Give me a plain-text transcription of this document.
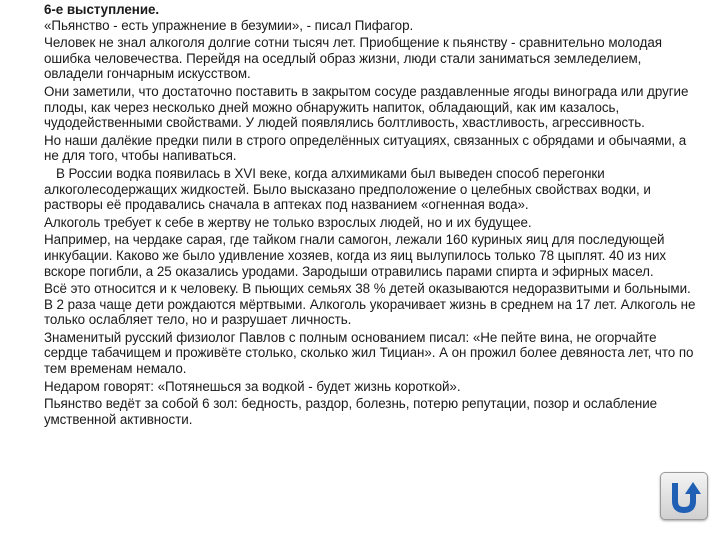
6-е выступление.

«Пьянство - есть упражнение в безумии», - писал Пифагор.

Человек не знал алкоголя долгие сотни тысяч лет. Приобщение к пьянству - сравнительно молодая ошибка человечества. Перейдя на оседлый образ жизни, люди стали заниматься земледелием, овладели гончарным искусством.

Они заметили, что достаточно поставить в закрытом сосуде раздавленные ягоды винограда или другие плоды, как через несколько дней можно обнаружить напиток, обладающий, как им казалось, чудодейственными свойствами. У людей появлялись болтливость, хвастливость, агрессивность.

Но наши далёкие предки пили в строго определённых ситуациях, связанных с обрядами и обычаями, а не для того, чтобы напиваться.

В России водка появилась в XVI веке, когда алхимиками был выведен способ перегонки алкоголесодержащих жидкостей. Было высказано предположение о целебных свойствах водки, и растворы её продавались сначала в аптеках под названием «огненная вода».

Алкоголь требует к себе в жертву не только взрослых людей, но и их будущее.

Например, на чердаке сарая, где тайком гнали самогон, лежали 160 куриных яиц для последующей инкубации. Каково же было удивление хозяев, когда из яиц вылупилось только 78 цыплят. 40 из них вскоре погибли, а 25 оказались уродами. Зародыши отравились парами спирта и эфирных масел.

Всё это относится и к человеку. В пьющих семьях 38 % детей оказываются недоразвитыми и больными. В 2 раза чаще дети рождаются мёртвыми. Алкоголь укорачивает жизнь в среднем на 17 лет. Алкоголь не только ослабляет тело, но и разрушает личность.

Знаменитый русский физиолог Павлов с полным основанием писал: «Не пейте вина, не огорчайте сердце табачищем и проживёте столько, сколько жил Тициан». А он прожил более девяноста лет, что по тем временам немало.

Недаром говорят: «Потянешься за водкой - будет жизнь короткой».

Пьянство ведёт за собой 6 зол: бедность, раздор, болезнь, потерю репутации, позор и ослабление умственной активности.
